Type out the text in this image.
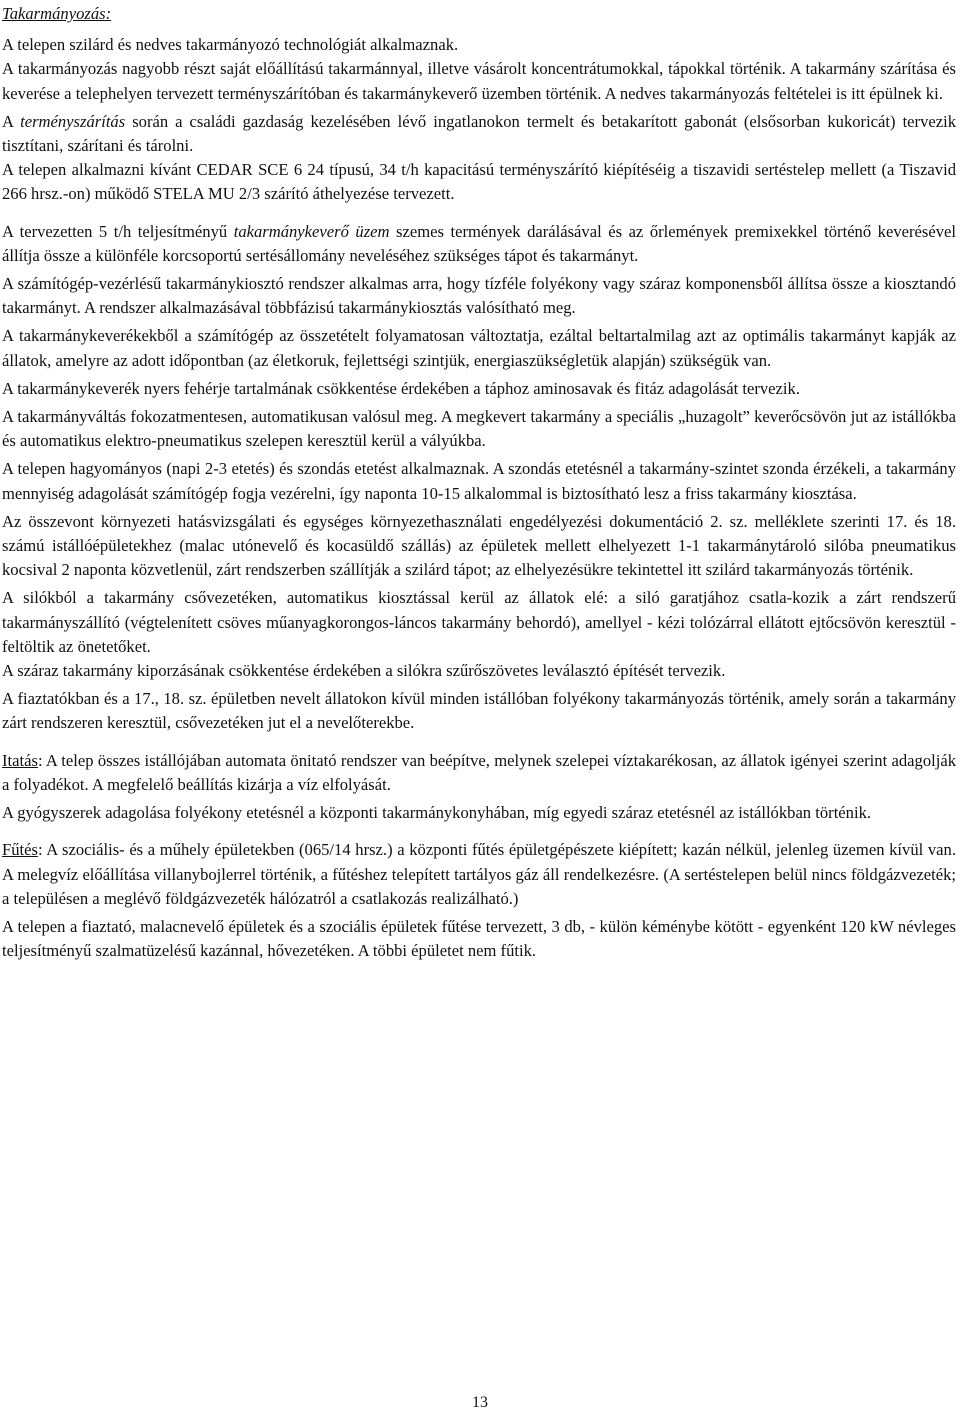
Takarmányozás:

A telepen szilárd és nedves takarmányozó technológiát alkalmaznak.

A takarmányozás nagyobb részt saját előállítású takarmánnyal, illetve vásárolt koncentrátumokkal, tápokkal történik. A takarmány szárítása és keverése a telephelyen tervezett terményszárítóban és takarmánykeverő üzemben történik. A nedves takarmányozás feltételei is itt épülnek ki.

A terményszárítás során a családi gazdaság kezelésében lévő ingatlanokon termelt és betakarított gabonát (elsősorban kukoricát) tervezik tisztítani, szárítani és tárolni.

A telepen alkalmazni kívánt CEDAR SCE 6 24 típusú, 34 t/h kapacitású terményszárító kiépítéséig a tiszavidi sertéstelep mellett (a Tiszavid 266 hrsz.-on) működő STELA MU 2/3 szárító áthelyezése tervezett.

A tervezetten 5 t/h teljesítményű takarmánykeverő üzem szemes termények darálásával és az őrlemények premixekkel történő keverésével állítja össze a különféle korcsoportú sertésállomány neveléséhez szükséges tápot és takarmányt.

A számítógép-vezérlésű takarmánykiosztó rendszer alkalmas arra, hogy tízféle folyékony vagy száraz komponensből állítsa össze a kiosztandó takarmányt. A rendszer alkalmazásával többfázisú takarmánykiosztás valósítható meg.

A takarmánykeverékekből a számítógép az összetételt folyamatosan változtatja, ezáltal beltartalmilag azt az optimális takarmányt kapják az állatok, amelyre az adott időpontban (az életkoruk, fejlettségi szintjük, energiaszükségletük alapján) szükségük van.

A takarmánykeverék nyers fehérje tartalmának csökkentése érdekében a táphoz aminosavak és fitáz adagolását tervezik.

A takarmányváltás fokozatmentesen, automatikusan valósul meg. A megkevert takarmány a speciális „huzagolt” keverőcsövön jut az istállókba és automatikus elektro-pneumatikus szelepen keresztül kerül a vályúkba.

A telepen hagyományos (napi 2-3 etetés) és szondás etetést alkalmaznak. A szondás etetésnél a takarmány-szintet szonda érzékeli, a takarmány mennyiség adagolását számítógép fogja vezérelni, így naponta 10-15 alkalommal is biztosítható lesz a friss takarmány kiosztása.

Az összevont környezeti hatásvizsgálati és egységes környezethasználati engedélyezési dokumentáció 2. sz. melléklete szerinti 17. és 18. számú istállóépületekhez (malac utónevelő és kocasüldő szállás) az épületek mellett elhelyezett 1-1 takarmánytároló silóba pneumatikus kocsival 2 naponta közvetlenül, zárt rendszerben szállítják a szilárd tápot; az elhelyezésükre tekintettel itt szilárd takarmányozás történik.

A silókból a takarmány csővezetéken, automatikus kiosztással kerül az állatok elé: a siló garatjához csatla-kozik a zárt rendszerű takarmányszállító (végtelenített csöves műanyagkorongos-láncos takarmány behordó), amellyel - kézi tolózárral ellátott ejtőcsövön keresztül - feltöltik az önetetőket.

A száraz takarmány kiporzásának csökkentése érdekében a silókra szűrőszövetes leválasztó építését tervezik.

A fiaztatókban és a 17., 18. sz. épületben nevelt állatokon kívül minden istállóban folyékony takarmányozás történik, amely során a takarmány zárt rendszeren keresztül, csővezetéken jut el a nevelőterekbe.

Itatás: A telep összes istállójában automata önitató rendszer van beépítve, melynek szelepei víztakarékosan, az állatok igényei szerint adagolják a folyadékot. A megfelelő beállítás kizárja a víz elfolyását.

A gyógyszerek adagolása folyékony etetésnél a központi takarmánykonyhában, míg egyedi száraz etetésnél az istállókban történik.

Fűtés: A szociális- és a műhely épületekben (065/14 hrsz.) a központi fűtés épületgépészete kiépített; kazán nélkül, jelenleg üzemen kívül van. A melegvíz előállítása villanybojlerrel történik, a fűtéshez telepített tartályos gáz áll rendelkezésre. (A sertéstelepen belül nincs földgázvezeték; a településen a meglévő földgázvezeték hálózatról a csatlakozás realizálható.)

A telepen a fiaztató, malacnevelő épületek és a szociális épületek fűtése tervezett, 3 db, - külön kéménybe kötött - egyenként 120 kW névleges teljesítményű szalmatüzelésű kazánnal, hővezetéken. A többi épületet nem fűtik.

13
